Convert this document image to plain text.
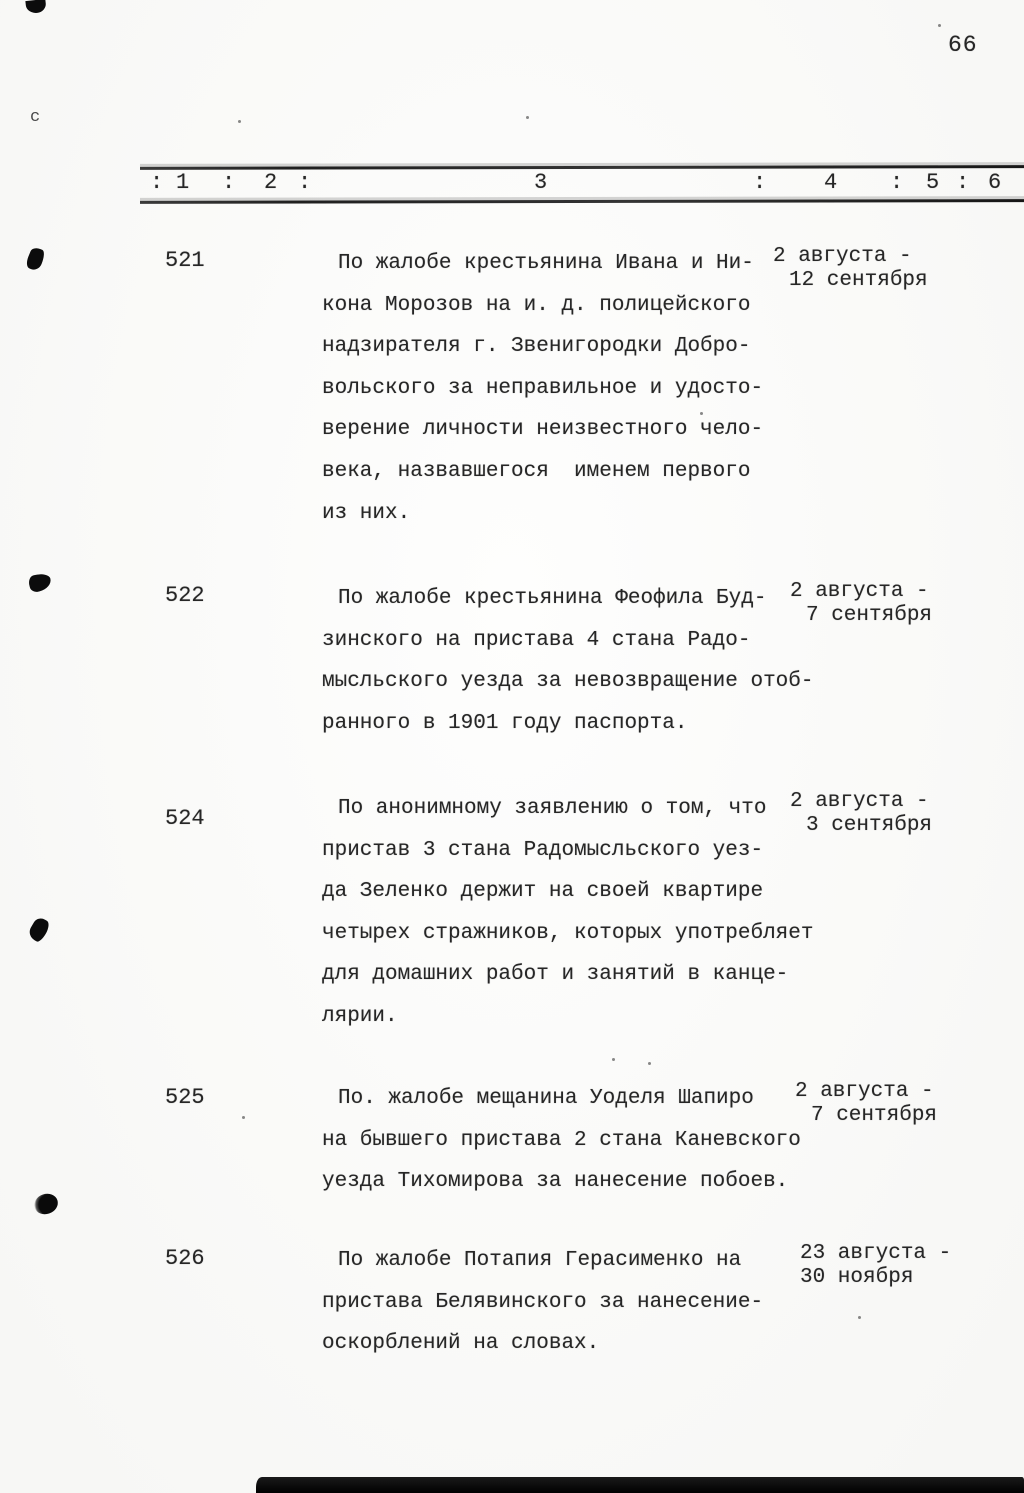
66
: 1 : 2 :	3	:	4 : 5 : 6
521	По жалобе крестьянина Ивана и Ни-
кона Морозов на и. д. полицейского
надзирателя г. Звенигородки Добро-
вольского за неправильное и удосто-
верение личности неизвестного чело-
века, назвавшегося  именем первого
из них.
2 августа -
12 сентября
522	По жалобе крестьянина Феофила Буд-
зинского на пристава 4 стана Радо-
мысльского уезда за невозвращение отоб-
ранного в 1901 году паспорта.
2 августа -
7 сентября
524	По анонимному заявлению о том, что
пристав 3 стана Радомысльского уез-
да Зеленко держит на своей квартире
четырех стражников, которых употребляет
для домашних работ и занятий в канце-
лярии.
2 августа -
3 сентября
525	По. жалобе мещанина Уоделя Шапиро
на бывшего пристава 2 стана Каневского
уезда Тихомирова за нанесение побоев.
2 августа -
7 сентября
526	По жалобе Потапия Герасименко на
пристава Белявинского за нанесение-
оскорблений на словах.
23 августа -
30 ноября
с
